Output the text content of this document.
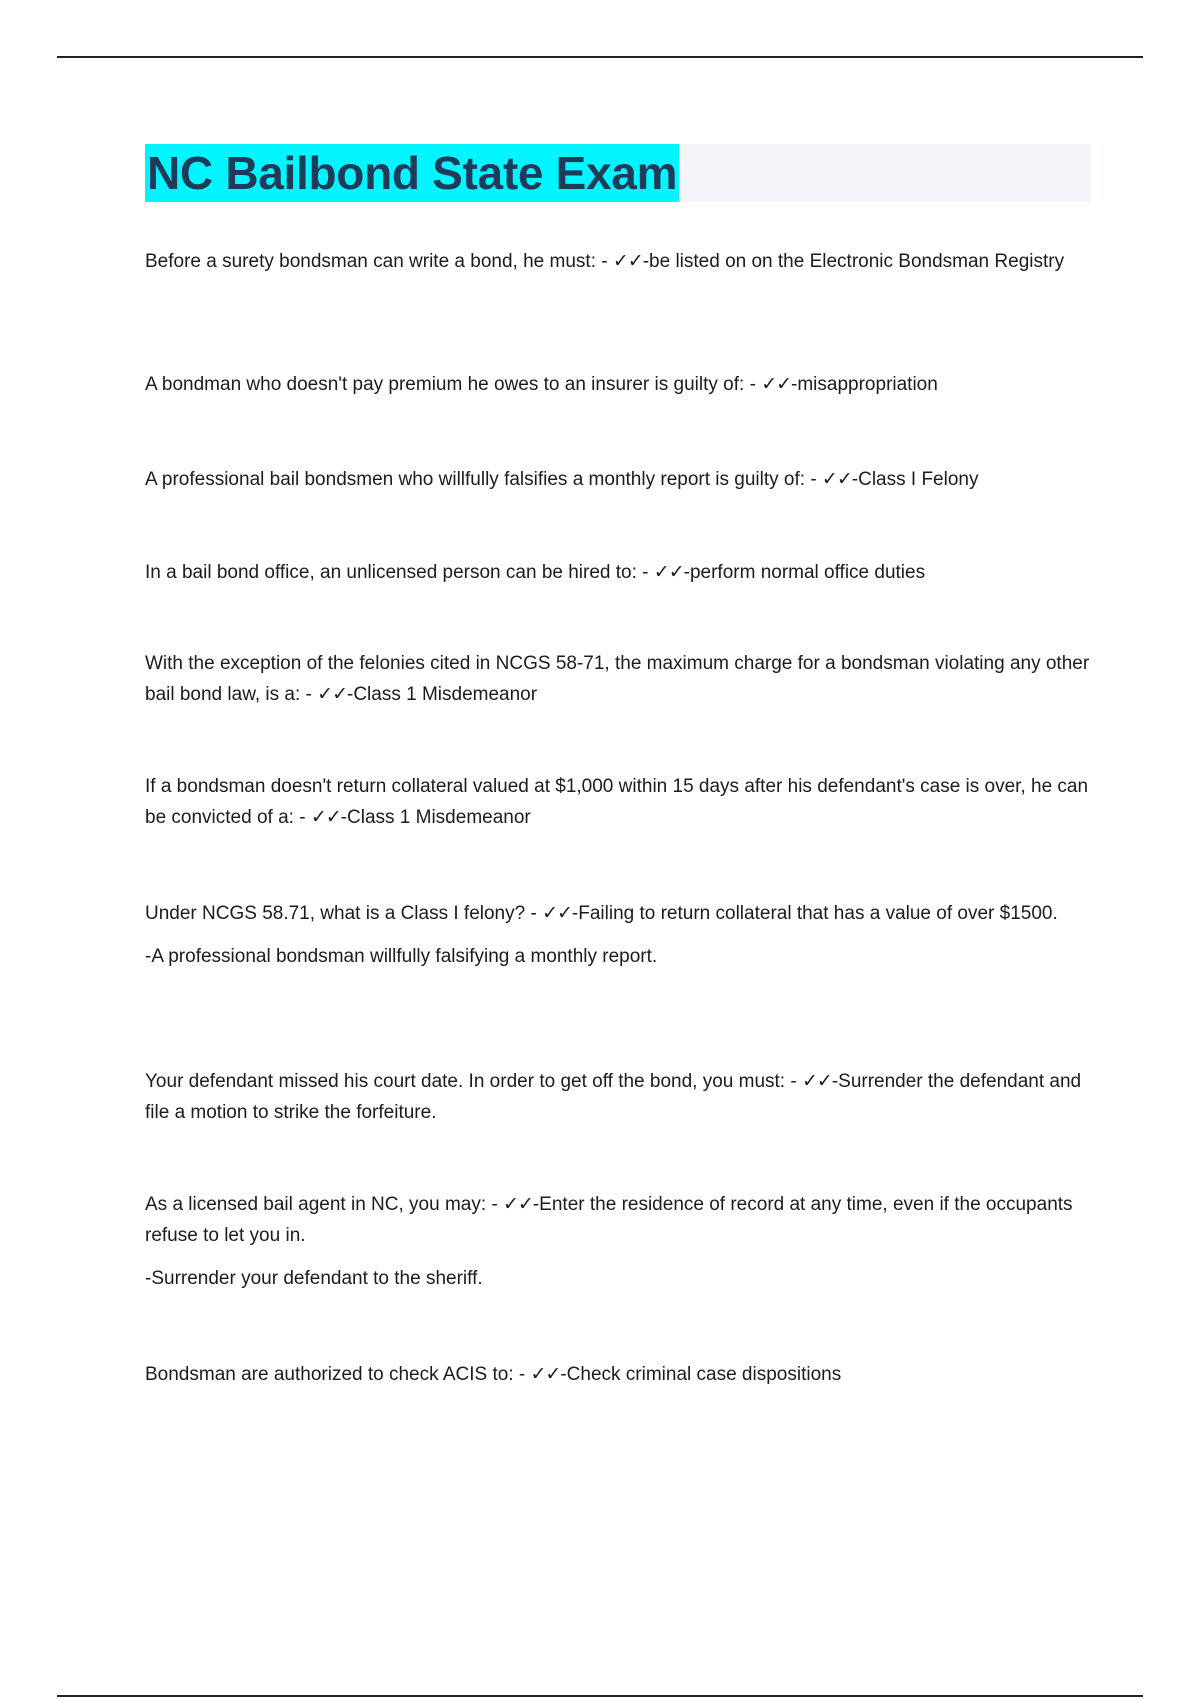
NC Bailbond State Exam

Before a surety bondsman can write a bond, he must: - ✓✓-be listed on on the Electronic Bondsman Registry

A bondman who doesn't pay premium he owes to an insurer is guilty of: - ✓✓-misappropriation

A professional bail bondsmen who willfully falsifies a monthly report is guilty of: - ✓✓-Class I Felony

In a bail bond office, an unlicensed person can be hired to: - ✓✓-perform normal office duties

With the exception of the felonies cited in NCGS 58-71, the maximum charge for a bondsman violating any other bail bond law, is a: - ✓✓-Class 1 Misdemeanor

If a bondsman doesn't return collateral valued at $1,000 within 15 days after his defendant's case is over, he can be convicted of a: - ✓✓-Class 1 Misdemeanor

Under NCGS 58.71, what is a Class I felony? - ✓✓-Failing to return collateral that has a value of over $1500.

-A professional bondsman willfully falsifying a monthly report.

Your defendant missed his court date. In order to get off the bond, you must: - ✓✓-Surrender the defendant and file a motion to strike the forfeiture.

As a licensed bail agent in NC, you may: - ✓✓-Enter the residence of record at any time, even if the occupants refuse to let you in.

-Surrender your defendant to the sheriff.

Bondsman are authorized to check ACIS to: - ✓✓-Check criminal case dispositions
